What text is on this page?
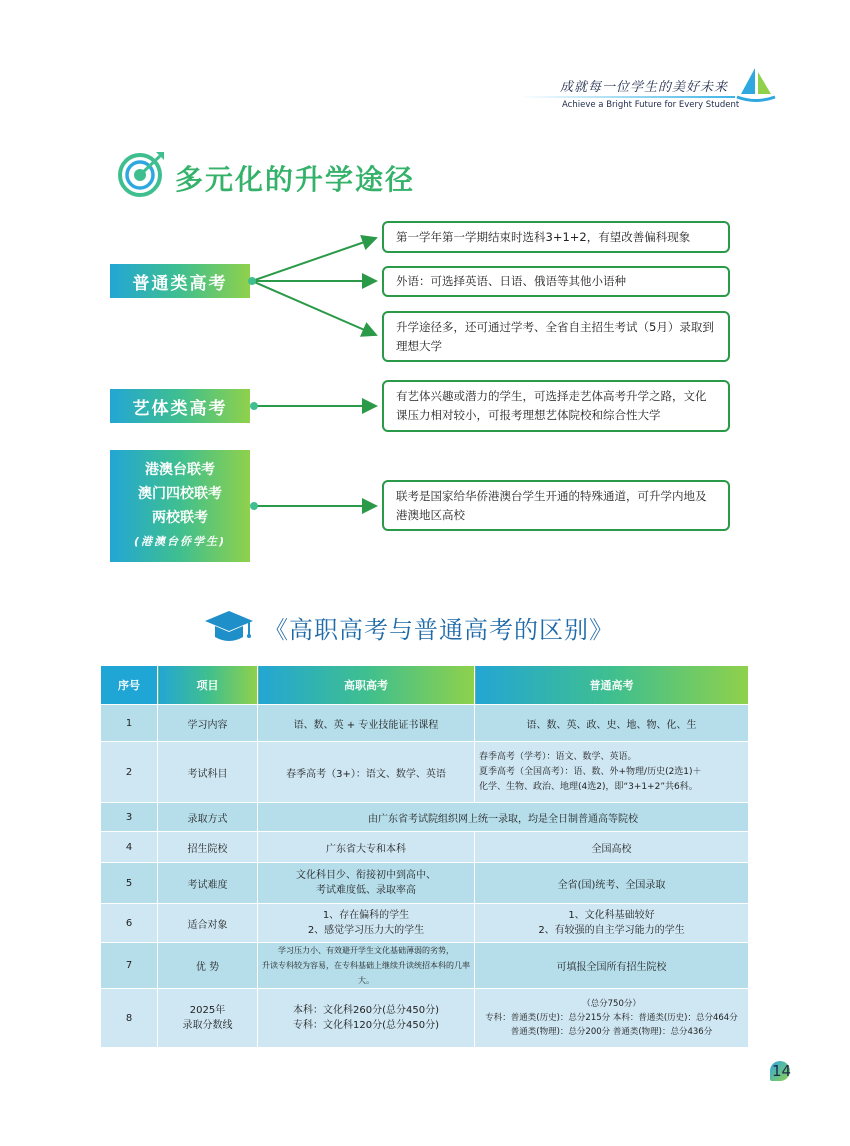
成就每一位学生的美好未来
Achieve a Bright Future for Every Student
多元化的升学途径
普通类高考
艺体类高考
港澳台联考
澳门四校联考
两校联考
(港澳台侨学生)
第一学年第一学期结束时选科3+1+2，有望改善偏科现象
外语：可选择英语、日语、俄语等其他小语种
升学途径多，还可通过学考、全省自主招生考试（5月）录取到理想大学
有艺体兴趣或潜力的学生，可选择走艺体高考升学之路，文化课压力相对较小，可报考理想艺体院校和综合性大学
联考是国家给华侨港澳台学生开通的特殊通道，可升学内地及港澳地区高校
《高职高考与普通高考的区别》
序号	项目	高职高考	普通高考
1	学习内容	语、数、英 + 专业技能证书课程	语、数、英、政、史、地、物、化、生
2	考试科目	春季高考（3+）：语文、数学、英语	春季高考（学考）：语文、数学、英语。
夏季高考（全国高考）：语、数、外+物理/历史(2选1)＋
化学、生物、政治、地理(4选2)，即“3+1+2”共6科。
3	录取方式	由广东省考试院组织网上统一录取，均是全日制普通高等院校	
4	招生院校	广东省大专和本科	全国高校
5	考试难度	文化科目少、衔接初中到高中、
考试难度低、录取率高	全省(国)统考、全国录取
6	适合对象	1、存在偏科的学生
2、感觉学习压力大的学生	1、文化科基础较好
2、有较强的自主学习能力的学生
7	优 势	学习压力小、有效避开学生文化基础薄弱的劣势，
升读专科较为容易，在专科基础上继续升读统招本科的几率大。	可填报全国所有招生院校
8	2025年
录取分数线	本科：文化科260分(总分450分)
专科：文化科120分(总分450分)	（总分750分）
专科：普通类(历史)：总分215分 本科：普通类(历史)：总分464分
普通类(物理)：总分200分 普通类(物理)：总分436分
14
